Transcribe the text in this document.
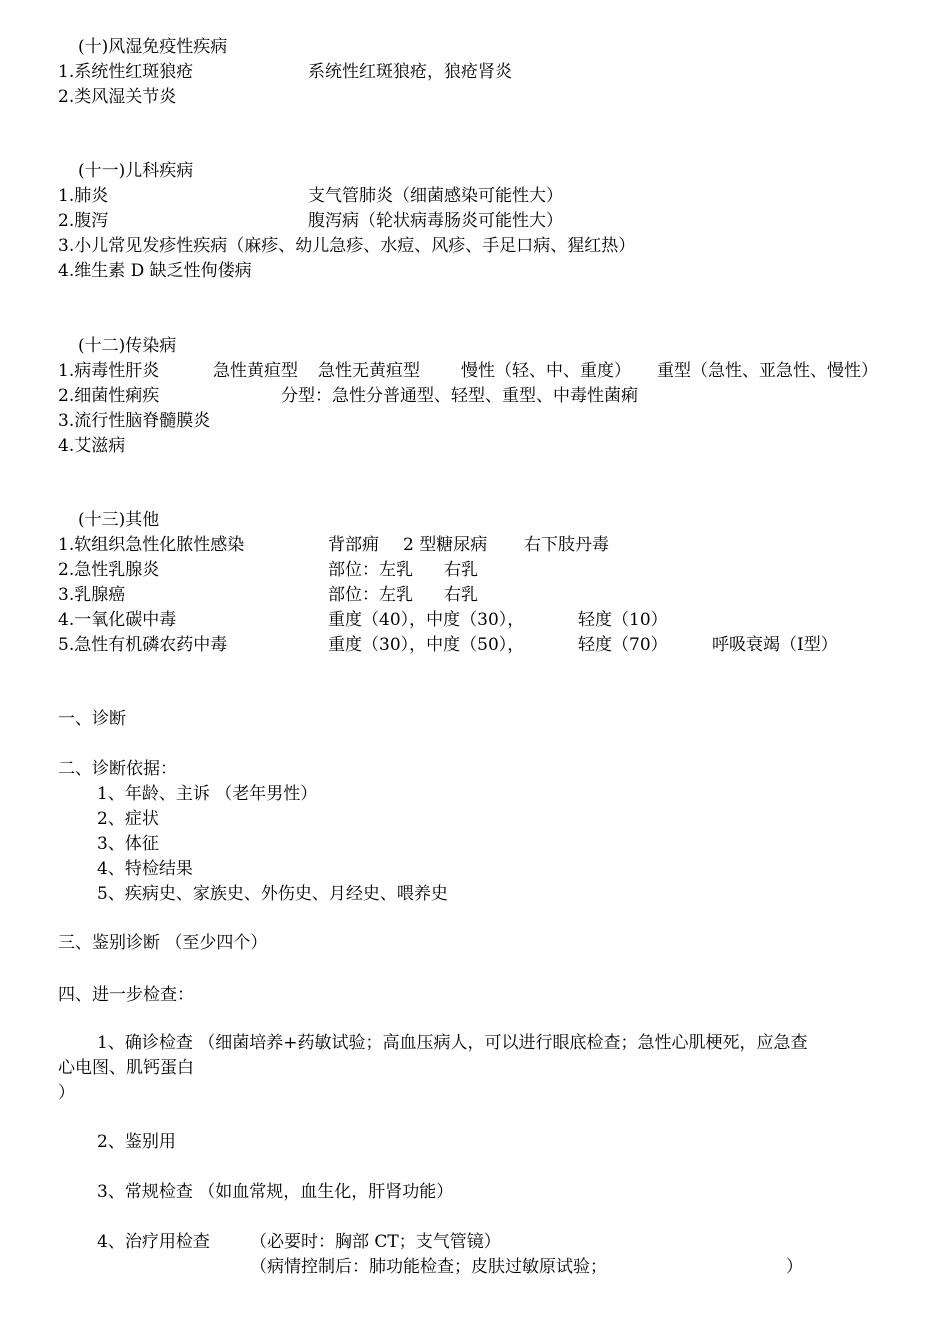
(十)风湿免疫性疾病
1.系统性红斑狼疮	系统性红斑狼疮，狼疮肾炎
2.类风湿关节炎
(十一)儿科疾病
1.肺炎	支气管肺炎（细菌感染可能性大）
2.腹泻	腹泻病（轮状病毒肠炎可能性大）
3.小儿常见发疹性疾病（麻疹、幼儿急疹、水痘、风疹、手足口病、猩红热）
4.维生素 D 缺乏性佝偻病
(十二)传染病
1.病毒性肝炎	急性黄疸型 急性无黄疸型 慢性（轻、中、重度） 重型（急性、亚急性、慢性）
2.细菌性痢疾	分型：急性分普通型、轻型、重型、中毒性菌痢
3.流行性脑脊髓膜炎
4.艾滋病
(十三)其他
1.软组织急性化脓性感染	背部痈 2 型糖尿病 右下肢丹毒
2.急性乳腺炎	部位：左乳 右乳
3.乳腺癌	部位：左乳 右乳
4.一氧化碳中毒	重度（40），中度（30），	轻度（10）
5.急性有机磷农药中毒	重度（30），中度（50），	轻度（70）	呼吸衰竭（Ⅰ型）
一、诊断
二、诊断依据：
1、年龄、主诉 （老年男性）
2、症状
3、体征
4、特检结果
5、疾病史、家族史、外伤史、月经史、喂养史
三、鉴别诊断 （至少四个）
四、进一步检查：
1、确诊检查 （细菌培养+药敏试验；高血压病人，可以进行眼底检查；急性心肌梗死，应急查
心电图、肌钙蛋白
）
2、鉴别用
3、常规检查 （如血常规，血生化，肝肾功能）
4、治疗用检查 （必要时：胸部 CT；支气管镜）
（病情控制后：肺功能检查；皮肤过敏原试验；	）
